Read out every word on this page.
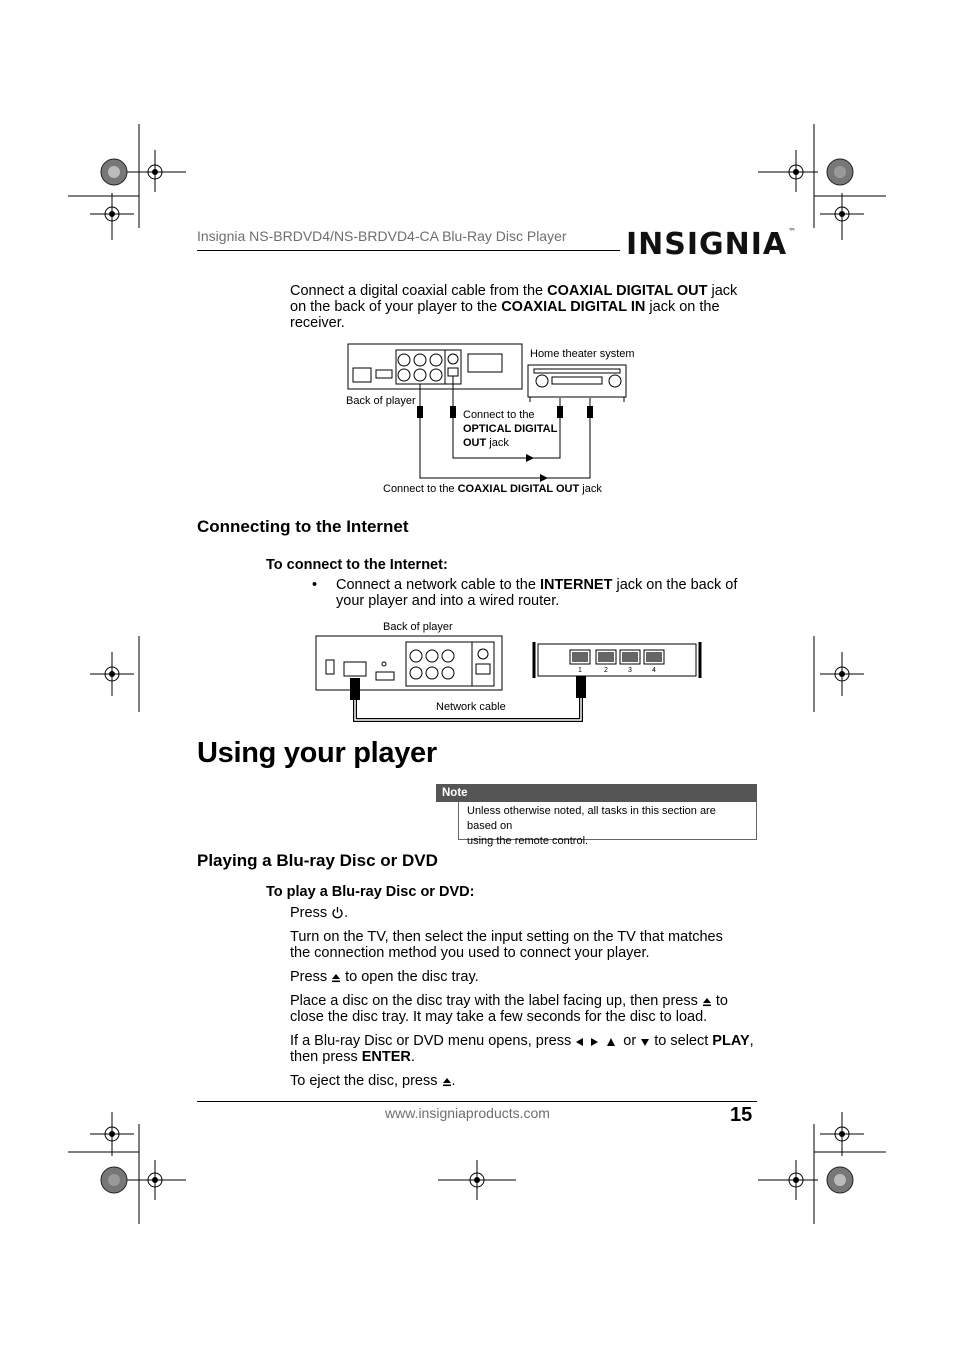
Insignia NS-BRDVD4/NS-BRDVD4-CA Blu-Ray Disc Player INSIGNIA™
Connect a digital coaxial cable from the COAXIAL DIGITAL OUT jack
on the back of your player to the COAXIAL DIGITAL IN jack on the
receiver.
Home theater system
Back of player
Connect to the
OPTICAL DIGITAL
OUT jack
Connect to the COAXIAL DIGITAL OUT jack
Connecting to the Internet
To connect to the Internet:
• Connect a network cable to the INTERNET jack on the back of
your player and into a wired router.
Back of player
1	2	3	4
Network cable
Using your player
Note
Unless otherwise noted, all tasks in this section are based on
using the remote control.
Playing a Blu-ray Disc or DVD
To play a Blu-ray Disc or DVD:
Press .
Turn on the TV, then select the input setting on the TV that matches
the connection method you used to connect your player.
Press  to open the disc tray.
Place a disc on the disc tray with the label facing up, then press  to
close the disc tray. It may take a few seconds for the disc to load.
If a Blu-ray Disc or DVD menu opens, press	or  to select PLAY,
then press ENTER.
To eject the disc, press .
www.insigniaproducts.com	15
